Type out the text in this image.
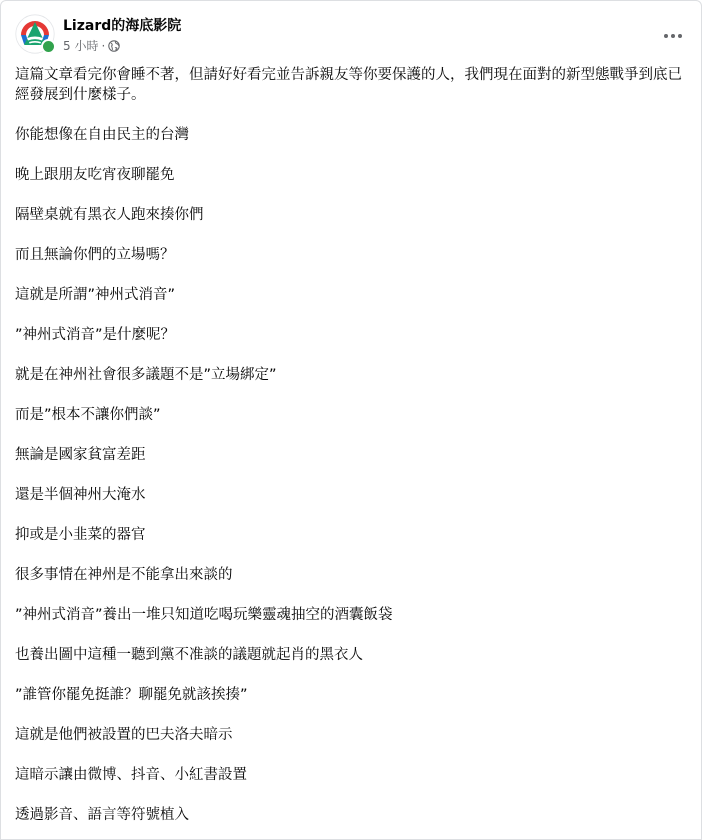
Lizard的海底影院
5 小時 ·

這篇文章看完你會睡不著，但請好好看完並告訴親友等你要保護的人，我們現在面對的新型態戰爭到底已經發展到什麼樣子。

你能想像在自由民主的台灣

晚上跟朋友吃宵夜聊罷免

隔壁桌就有黑衣人跑來揍你們

而且無論你們的立場嗎？

這就是所謂”神州式消音”

”神州式消音”是什麼呢？

就是在神州社會很多議題不是”立場綁定”

而是”根本不讓你們談”

無論是國家貧富差距

還是半個神州大淹水

抑或是小韭菜的器官

很多事情在神州是不能拿出來談的

”神州式消音”養出一堆只知道吃喝玩樂靈魂抽空的酒囊飯袋

也養出圖中這種一聽到黨不准談的議題就起肖的黑衣人

”誰管你罷免挺誰？聊罷免就該挨揍”

這就是他們被設置的巴夫洛夫暗示

這暗示讓由微博、抖音、小紅書設置

透過影音、語言等符號植入
